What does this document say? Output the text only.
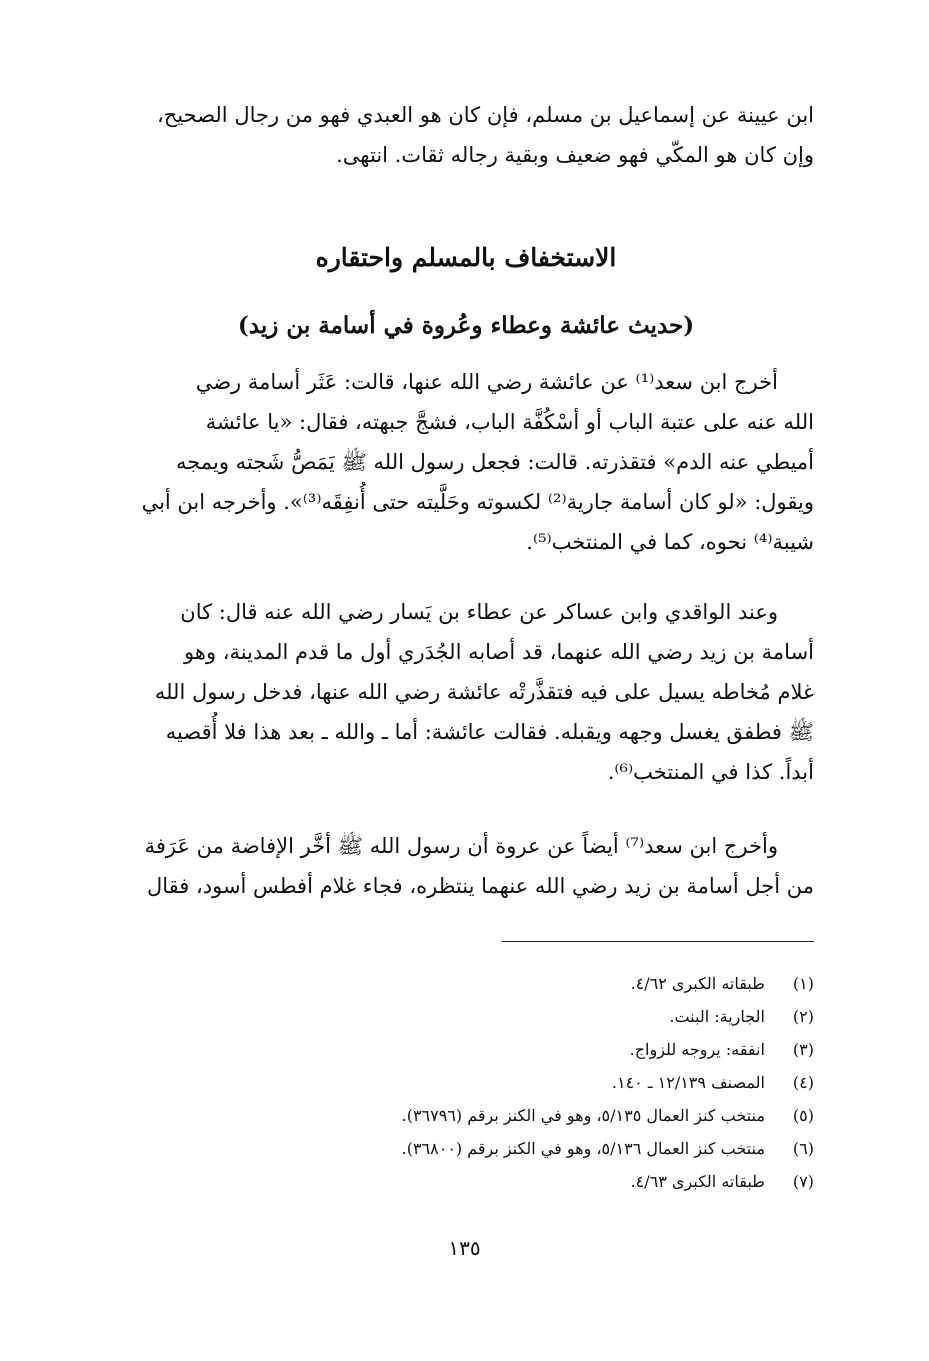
ابن عيينة عن إسماعيل بن مسلم، فإن كان هو العبدي فهو من رجال الصحيح،
وإن كان هو المكّي فهو ضعيف وبقية رجاله ثقات. انتهى.
الاستخفاف بالمسلم واحتقاره
(حديث عائشة وعطاء وعُروة في أسامة بن زيد)
أخرج ابن سعد⁽¹⁾ عن عائشة رضي الله عنها، قالت: عَثَر أسامة رضي
الله عنه على عتبة الباب أو أسْكُفَّة الباب، فشجَّ جبهته، فقال: «يا عائشة
أميطي عنه الدم» فتقذرته. قالت: فجعل رسول الله ﷺ يَمَصُّ شَجته ويمجه
ويقول: «لو كان أسامة جارية⁽²⁾ لكسوته وحَلَّيته حتى أُنفِقَه⁽³⁾». وأخرجه ابن أبي
شيبة⁽⁴⁾ نحوه، كما في المنتخب⁽⁵⁾.
وعند الواقدي وابن عساكر عن عطاء بن يَسار رضي الله عنه قال: كان
أسامة بن زيد رضي الله عنهما، قد أصابه الجُدَري أول ما قدم المدينة، وهو
غلام مُخاطه يسيل على فيه فتقذَّرتْه عائشة رضي الله عنها، فدخل رسول الله
ﷺ فطفق يغسل وجهه ويقبله. فقالت عائشة: أما ـ والله ـ بعد هذا فلا أُقصيه
أبداً. كذا في المنتخب⁽⁶⁾.
وأخرج ابن سعد⁽⁷⁾ أيضاً عن عروة أن رسول الله ﷺ أخَّر الإفاضة من عَرَفة
من أجل أسامة بن زيد رضي الله عنهما ينتظره، فجاء غلام أفطس أسود، فقال
(١) طبقاته الكبرى ٤/٦٢.
(٢) الجارية: البنت.
(٣) انفقه: يروجه للزواج.
(٤) المصنف ١٢/١٣٩ ـ ١٤٠.
(٥) منتخب كنز العمال ٥/١٣٥، وهو في الكنز برقم (٣٦٧٩٦).
(٦) منتخب كنز العمال ٥/١٣٦، وهو في الكنز برقم (٣٦٨٠٠).
(٧) طبقاته الكبرى ٤/٦٣.
١٣٥
